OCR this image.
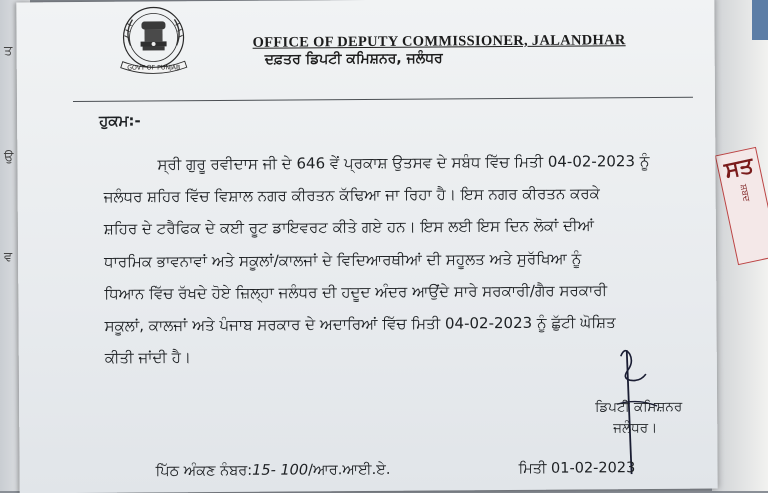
ਤ
ਉ
ਵ
ਸਤ
ਸ਼ਬਦ
GOVT OF PUNJAB
OFFICE OF DEPUTY COMMISSIONER, JALANDHAR
ਦਫ਼ਤਰ ਡਿਪਟੀ ਕਮਿਸ਼ਨਰ, ਜਲੰਧਰ
ਹੁਕਮ:-
ਸ੍ਰੀ ਗੁਰੂ ਰਵੀਦਾਸ ਜੀ ਦੇ 646 ਵੇਂ ਪ੍ਰਕਾਸ਼ ਉਤਸਵ ਦੇ ਸਬੰਧ ਵਿੱਚ ਮਿਤੀ 04-02-2023 ਨੂੰ
ਜਲੰਧਰ ਸ਼ਹਿਰ ਵਿੱਚ ਵਿਸ਼ਾਲ ਨਗਰ ਕੀਰਤਨ ਕੱਢਿਆ ਜਾ ਰਿਹਾ ਹੈ। ਇਸ ਨਗਰ ਕੀਰਤਨ ਕਰਕੇ
ਸ਼ਹਿਰ ਦੇ ਟਰੈਫਿਕ ਦੇ ਕਈ ਰੂਟ ਡਾਇਵਰਟ ਕੀਤੇ ਗਏ ਹਨ। ਇਸ ਲਈ ਇਸ ਦਿਨ ਲੋਕਾਂ ਦੀਆਂ
ਧਾਰਮਿਕ ਭਾਵਨਾਵਾਂ ਅਤੇ ਸਕੂਲਾਂ/ਕਾਲਜਾਂ ਦੇ ਵਿਦਿਆਰਥੀਆਂ ਦੀ ਸਹੂਲਤ ਅਤੇ ਸੁਰੱਖਿਆ ਨੂੰ
ਧਿਆਨ ਵਿੱਚ ਰੱਖਦੇ ਹੋਏ ਜ਼ਿਲ੍ਹਾ ਜਲੰਧਰ ਦੀ ਹਦੂਦ ਅੰਦਰ ਆਉਂਦੇ ਸਾਰੇ ਸਰਕਾਰੀ/ਗੈਰ ਸਰਕਾਰੀ
ਸਕੂਲਾਂ, ਕਾਲਜਾਂ ਅਤੇ ਪੰਜਾਬ ਸਰਕਾਰ ਦੇ ਅਦਾਰਿਆਂ ਵਿੱਚ ਮਿਤੀ 04-02-2023 ਨੂੰ ਛੁੱਟੀ ਘੋਸ਼ਿਤ
ਕੀਤੀ ਜਾਂਦੀ ਹੈ।
ਡਿਪਟੀ ਕਮਿਸ਼ਨਰ
ਜਲੰਧਰ।
ਪਿੱਠ ਅੰਕਣ ਨੰਬਰ:15- 100/ਆਰ.ਆਈ.ਏ.	ਮਿਤੀ 01-02-2023
